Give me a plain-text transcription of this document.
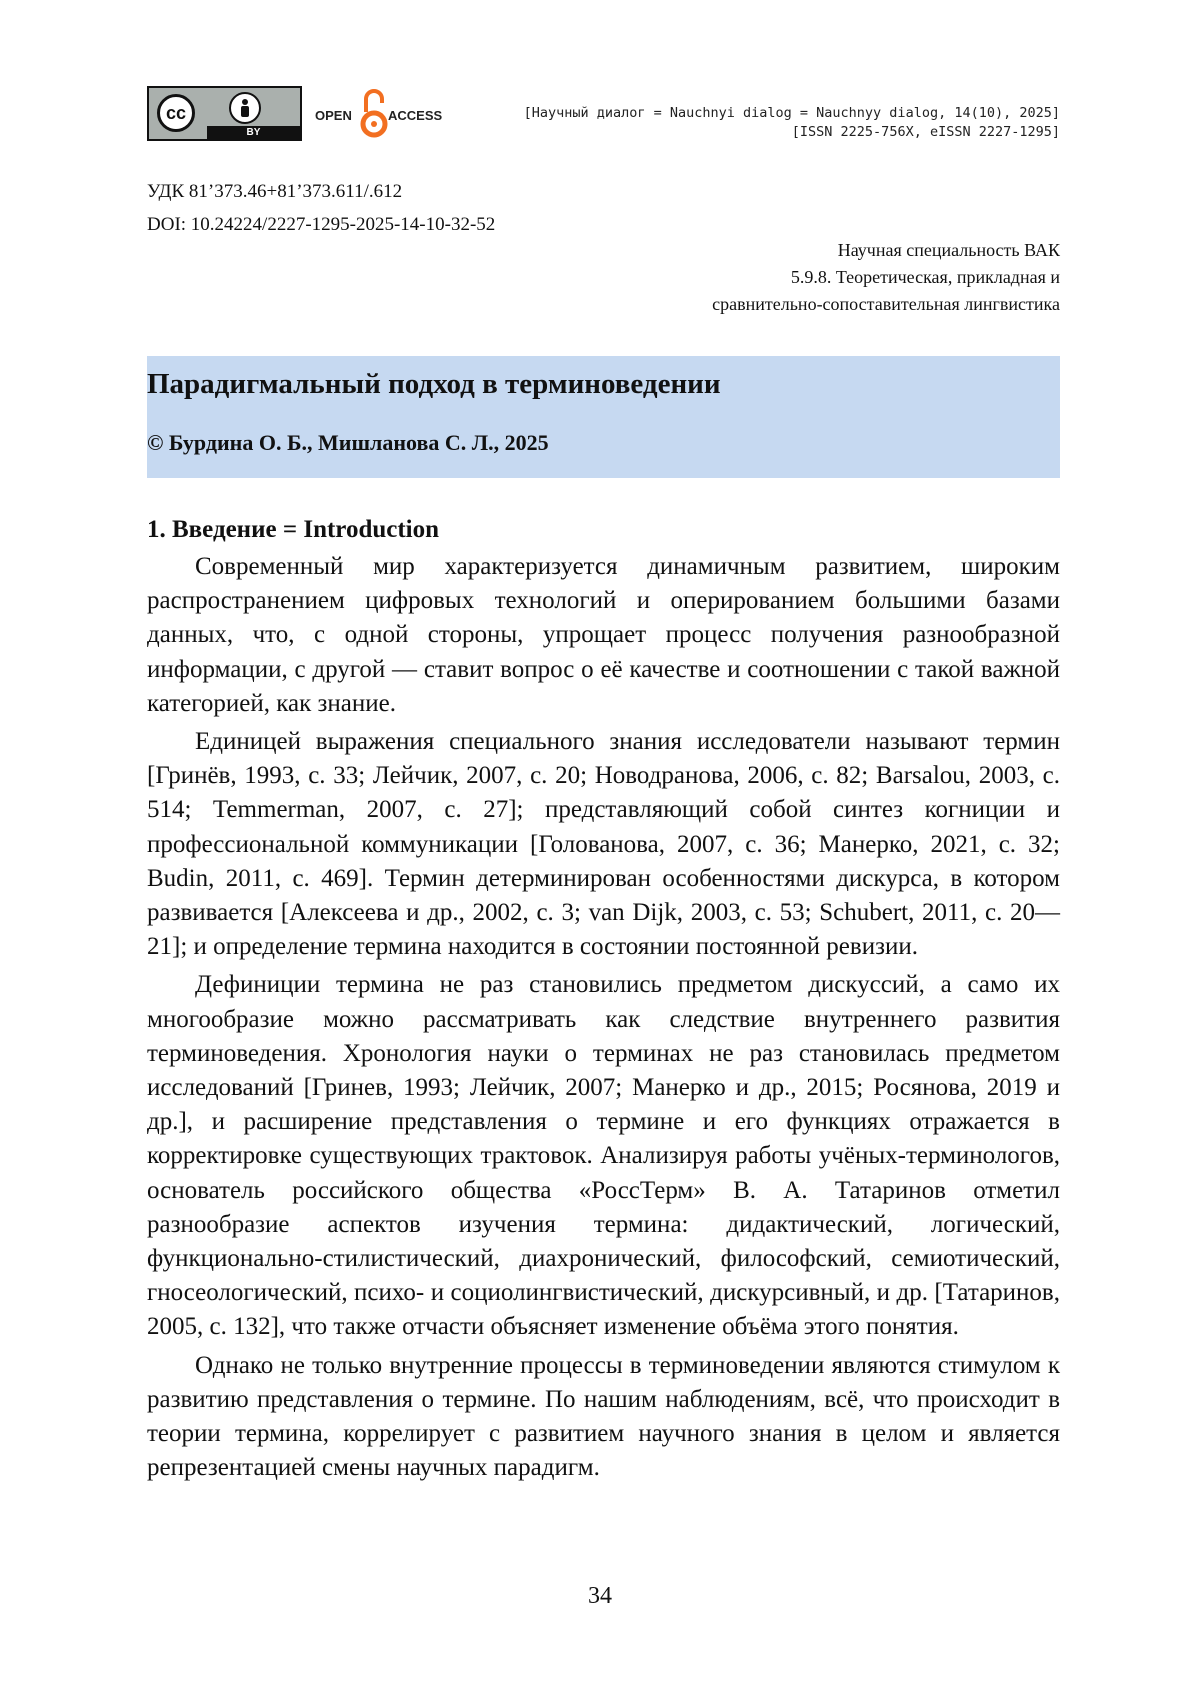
cc
BY
OPEN	ACCESS	[Научный диалог = Nauchnyi dialog = Nauchnyy dialog, 14(10), 2025]
[ISSN 2225-756X, eISSN 2227-1295]
УДК 81’373.46+81’373.611/.612
DOI: 10.24224/2227-1295-2025-14-10-32-52
Научная специальность ВАК
5.9.8. Теоретическая, прикладная и
сравнительно-сопоставительная лингвистика
Парадигмальный подход в терминоведении
© Бурдина О. Б., Мишланова С. Л., 2025
1. Введение = Introduction

Современный мир характеризуется динамичным развитием, широким распространением цифровых технологий и оперированием большими базами данных, что, с одной стороны, упрощает процесс получения разнообразной информации, с другой — ставит вопрос о её качестве и соотношении с такой важной категорией, как знание.

Единицей выражения специального знания исследователи называют термин [Гринёв, 1993, с. 33; Лейчик, 2007, с. 20; Новодранова, 2006, с. 82; Barsalou, 2003, с. 514; Temmerman, 2007, с. 27]; представляющий собой синтез когниции и профессиональной коммуникации [Голованова, 2007, с. 36; Манерко, 2021, с. 32; Budin, 2011, с. 469]. Термин детерминирован особенностями дискурса, в котором развивается [Алексеева и др., 2002, с. 3; van Dijk, 2003, с. 53; Schubert, 2011, с. 20—21]; и определение термина находится в состоянии постоянной ревизии.

Дефиниции термина не раз становились предметом дискуссий, а само их многообразие можно рассматривать как следствие внутреннего развития терминоведения. Хронология науки о терминах не раз становилась предметом исследований [Гринев, 1993; Лейчик, 2007; Манерко и др., 2015; Росянова, 2019 и др.], и расширение представления о термине и его функциях отражается в корректировке существующих трактовок. Анализируя работы учёных-терминологов, основатель российского общества «РоссТерм» В. А. Татаринов отметил разнообразие аспектов изучения термина: дидактический, логический, функционально-стилистический, диахронический, философский, семиотический, гносеологический, психо- и социолингвистический, дискурсивный, и др. [Татаринов, 2005, с. 132], что также отчасти объясняет изменение объёма этого понятия.

Однако не только внутренние процессы в терминоведении являются стимулом к развитию представления о термине. По нашим наблюдениям, всё, что происходит в теории термина, коррелирует с развитием научного знания в целом и является репрезентацией смены научных парадигм.

34
